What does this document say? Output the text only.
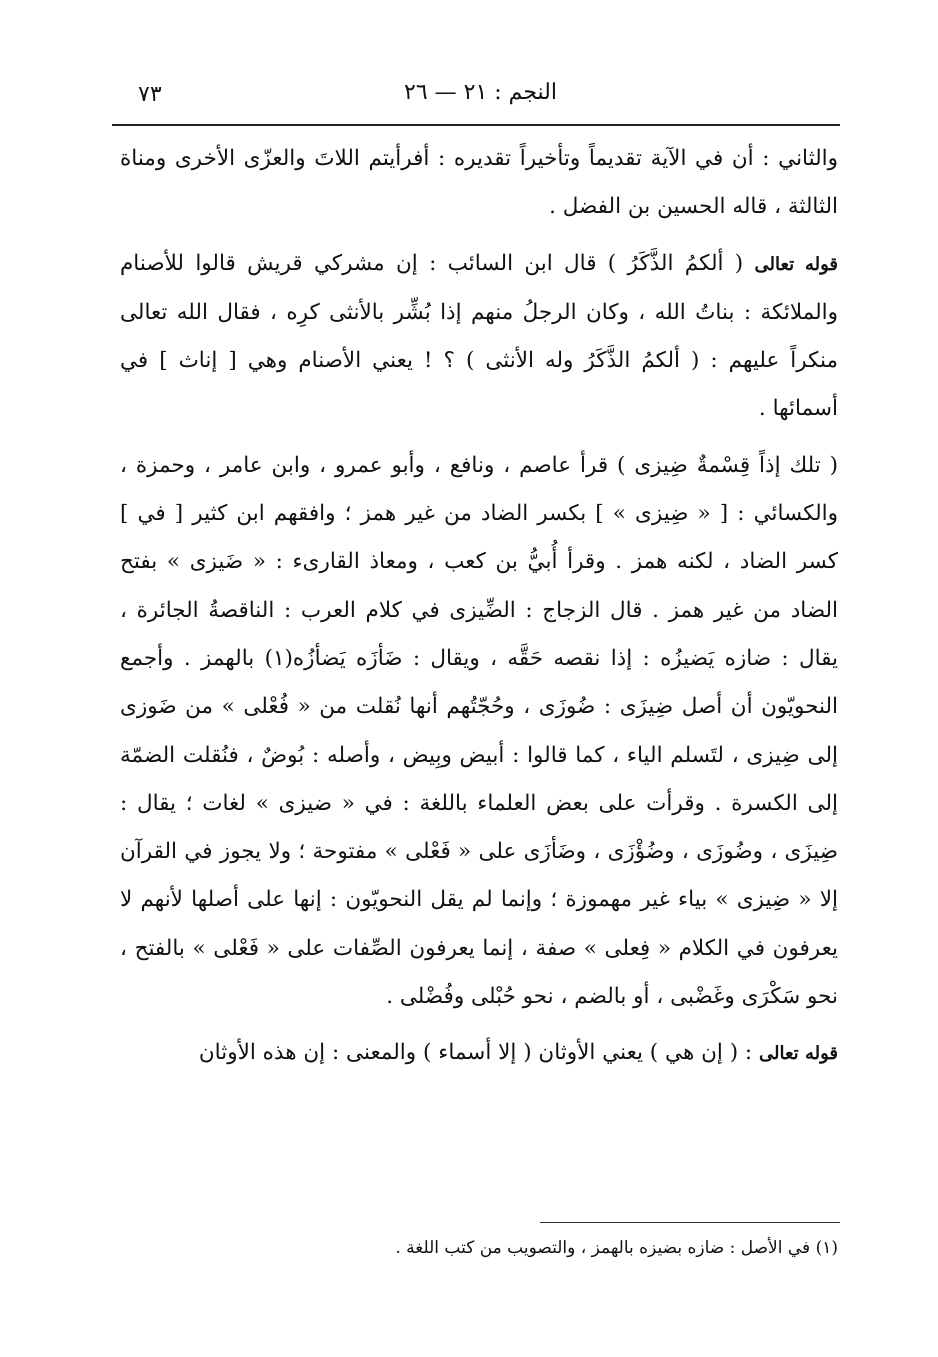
النجم : ٢١ — ٢٦
٧٣

والثاني : أن في الآية تقديماً وتأخيراً تقديره : أفرأيتم اللاتَ والعزّى الأخرى ومناة الثالثة ، قاله الحسين بن الفضل .

قوله تعالى ( ألكمُ الذَّكَرُ ) قال ابن السائب : إن مشركي قريش قالوا للأصنام والملائكة : بناتُ الله ، وكان الرجلُ منهم إذا بُشِّر بالأنثى كرِه ، فقال الله تعالى منكراً عليهم : ( ألكمُ الذَّكَرُ وله الأنثى ) ؟ ! يعني الأصنام وهي [ إناث ] في أسمائها .

( تلك إذاً قِسْمةٌ ضِيزى ) قرأ عاصم ، ونافع ، وأبو عمرو ، وابن عامر ، وحمزة ، والكسائي : [ « ضِيزى » ] بكسر الضاد من غير همز ؛ وافقهم ابن كثير [ في ] كسر الضاد ، لكنه همز . وقرأ أُبيُّ بن كعب ، ومعاذ القارىء : « ضَيزى » بفتح الضاد من غير همز . قال الزجاج : الضِّيزى في كلام العرب : الناقصةُ الجائرة ، يقال : ضازه يَضيزُه : إذا نقصه حَقَّه ، ويقال : ضَأزَه يَضأزُه(١) بالهمز . وأجمع النحويّون أن أصل ضِيزَى : ضُوزَى ، وحُجّتُهم أنها نُقلت من « فُعْلى » من ضَوزى إلى ضِيزى ، لتَسلم الياء ، كما قالوا : أبيض وبِيض ، وأصله : بُوضٌ ، فنُقلت الضمّة إلى الكسرة . وقرأت على بعض العلماء باللغة : في « ضيزى » لغات ؛ يقال : ضِيزَى ، وضُوزَى ، وضُؤْزَى ، وضَأزَى على « فَعْلى » مفتوحة ؛ ولا يجوز في القرآن إلا « ضِيزى » بياء غير مهموزة ؛ وإنما لم يقل النحويّون : إنها على أصلها لأنهم لا يعرفون في الكلام « فِعلى » صفة ، إنما يعرفون الصِّفات على « فَعْلى » بالفتح ، نحو سَكْرَى وغَضْبى ، أو بالضم ، نحو حُبْلى وفُضْلى .

قوله تعالى : ( إن هي ) يعني الأوثان ( إلا أسماء ) والمعنى : إن هذه الأوثان

(١) في الأصل : ضازه بضيزه بالهمز ، والتصويب من كتب اللغة .
